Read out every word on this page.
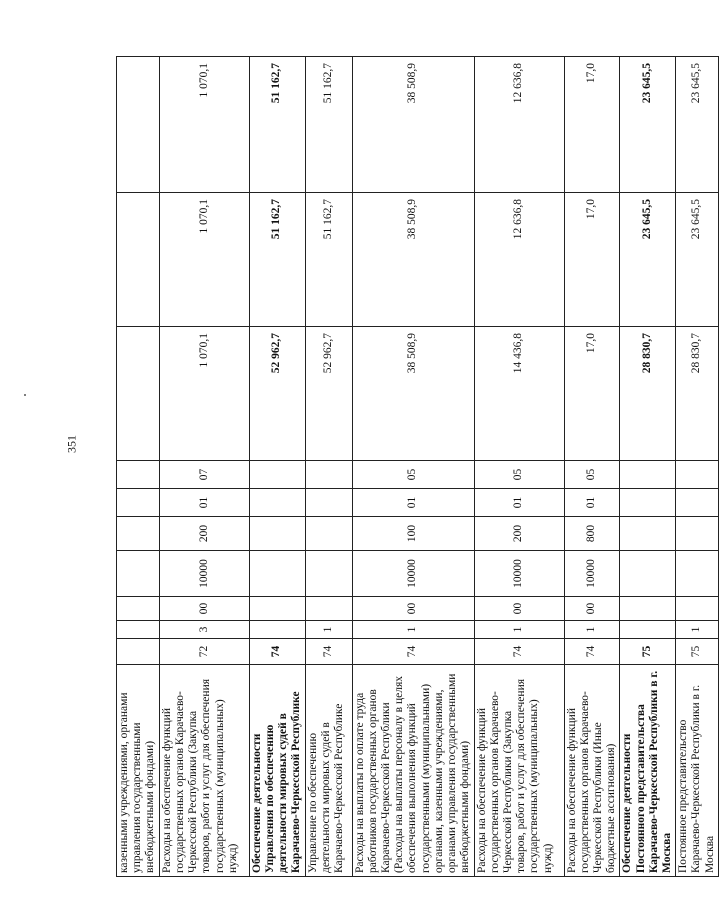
351
казенными учреждениями, органами управления государственными внебюджетными фондами)										
Расходы на обеспечение функций государственных органов Карачаево-Черкесской Республики (Закупка товаров, работ и услуг для обеспечения государственных (муниципальных) нужд)	72	3	00	10000	200	01	07	1 070,1	1 070,1	1 070,1
Обеспечение деятельности Управления по обеспечению деятельности мировых судей в Карачаево-Черкесской Республике	74							52 962,7	51 162,7	51 162,7
Управление по обеспечению деятельности мировых судей в Карачаево-Черкесской Республике	74	1						52 962,7	51 162,7	51 162,7
Расходы на выплаты по оплате труда работников государственных органов Карачаево-Черкесской Республики (Расходы на выплаты персоналу в целях обеспечения выполнения функций государственными (муниципальными) органами, казенными учреждениями, органами управления государственными внебюджетными фондами)	74	1	00	10000	100	01	05	38 508,9	38 508,9	38 508,9
Расходы на обеспечение функций государственных органов Карачаево-Черкесской Республики (Закупка товаров, работ и услуг для обеспечения государственных (муниципальных) нужд)	74	1	00	10000	200	01	05	14 436,8	12 636,8	12 636,8
Расходы на обеспечение функций государственных органов Карачаево-Черкесской Республики (Иные бюджетные ассигнования)	74	1	00	10000	800	01	05	17,0	17,0	17,0
Обеспечение деятельности Постоянного представительства Карачаево-Черкесской Республики в г. Москва	75							28 830,7	23 645,5	23 645,5
Постоянное представительство Карачаево-Черкесской Республики в г. Москва	75	1						28 830,7	23 645,5	23 645,5
